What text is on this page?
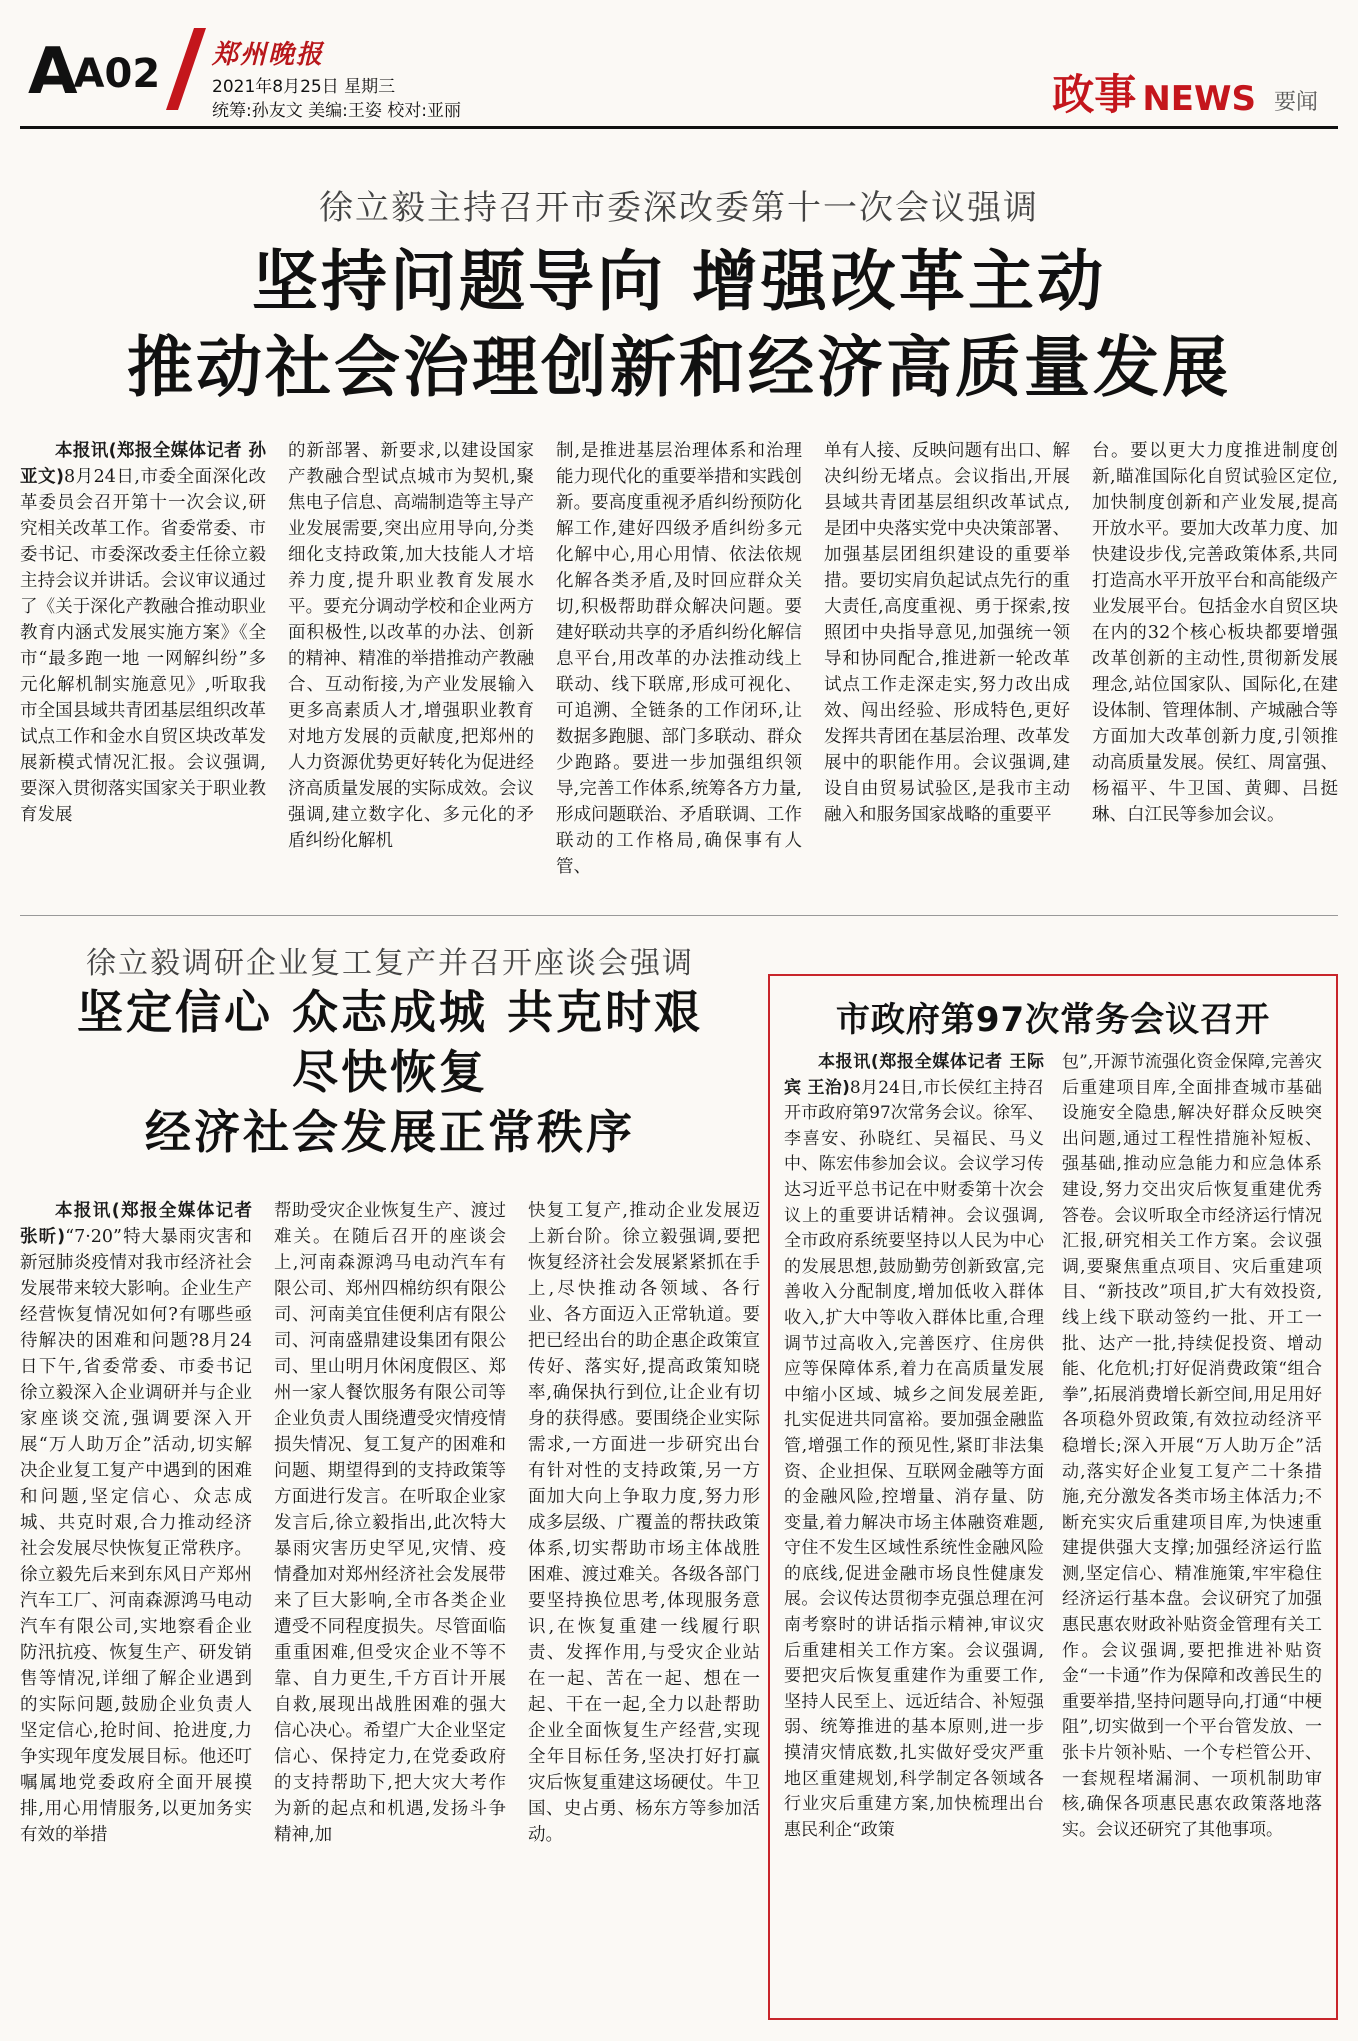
AA02 郑州晚报
2021年8月25日 星期三
统筹:孙友文 美编:王姿 校对:亚丽	政事 NEWS 要闻
徐立毅主持召开市委深改委第十一次会议强调
坚持问题导向 增强改革主动
推动社会治理创新和经济高质量发展

本报讯(郑报全媒体记者 孙亚文)8月24日,市委全面深化改革委员会召开第十一次会议,研究相关改革工作。省委常委、市委书记、市委深改委主任徐立毅主持会议并讲话。会议审议通过了《关于深化产教融合推动职业教育内涵式发展实施方案》《全市“最多跑一地 一网解纠纷”多元化解机制实施意见》,听取我市全国县域共青团基层组织改革试点工作和金水自贸区块改革发展新模式情况汇报。会议强调,要深入贯彻落实国家关于职业教育发展

的新部署、新要求,以建设国家产教融合型试点城市为契机,聚焦电子信息、高端制造等主导产业发展需要,突出应用导向,分类细化支持政策,加大技能人才培养力度,提升职业教育发展水平。要充分调动学校和企业两方面积极性,以改革的办法、创新的精神、精准的举措推动产教融合、互动衔接,为产业发展输入更多高素质人才,增强职业教育对地方发展的贡献度,把郑州的人力资源优势更好转化为促进经济高质量发展的实际成效。会议强调,建立数字化、多元化的矛盾纠纷化解机

制,是推进基层治理体系和治理能力现代化的重要举措和实践创新。要高度重视矛盾纠纷预防化解工作,建好四级矛盾纠纷多元化解中心,用心用情、依法依规化解各类矛盾,及时回应群众关切,积极帮助群众解决问题。要建好联动共享的矛盾纠纷化解信息平台,用改革的办法推动线上联动、线下联席,形成可视化、可追溯、全链条的工作闭环,让数据多跑腿、部门多联动、群众少跑路。要进一步加强组织领导,完善工作体系,统筹各方力量,形成问题联治、矛盾联调、工作联动的工作格局,确保事有人管、

单有人接、反映问题有出口、解决纠纷无堵点。会议指出,开展县域共青团基层组织改革试点,是团中央落实党中央决策部署、加强基层团组织建设的重要举措。要切实肩负起试点先行的重大责任,高度重视、勇于探索,按照团中央指导意见,加强统一领导和协同配合,推进新一轮改革试点工作走深走实,努力改出成效、闯出经验、形成特色,更好发挥共青团在基层治理、改革发展中的职能作用。会议强调,建设自由贸易试验区,是我市主动融入和服务国家战略的重要平

台。要以更大力度推进制度创新,瞄准国际化自贸试验区定位,加快制度创新和产业发展,提高开放水平。要加大改革力度、加快建设步伐,完善政策体系,共同打造高水平开放平台和高能级产业发展平台。包括金水自贸区块在内的32个核心板块都要增强改革创新的主动性,贯彻新发展理念,站位国家队、国际化,在建设体制、管理体制、产城融合等方面加大改革创新力度,引领推动高质量发展。侯红、周富强、杨福平、牛卫国、黄卿、吕挺琳、白江民等参加会议。

徐立毅调研企业复工复产并召开座谈会强调
坚定信心 众志成城 共克时艰
尽快恢复
经济社会发展正常秩序

本报讯(郑报全媒体记者 张昕)“7·20”特大暴雨灾害和新冠肺炎疫情对我市经济社会发展带来较大影响。企业生产经营恢复情况如何?有哪些亟待解决的困难和问题?8月24日下午,省委常委、市委书记徐立毅深入企业调研并与企业家座谈交流,强调要深入开展“万人助万企”活动,切实解决企业复工复产中遇到的困难和问题,坚定信心、众志成城、共克时艰,合力推动经济社会发展尽快恢复正常秩序。徐立毅先后来到东风日产郑州汽车工厂、河南森源鸿马电动汽车有限公司,实地察看企业防汛抗疫、恢复生产、研发销售等情况,详细了解企业遇到的实际问题,鼓励企业负责人坚定信心,抢时间、抢进度,力争实现年度发展目标。他还叮嘱属地党委政府全面开展摸排,用心用情服务,以更加务实有效的举措

帮助受灾企业恢复生产、渡过难关。在随后召开的座谈会上,河南森源鸿马电动汽车有限公司、郑州四棉纺织有限公司、河南美宜佳便利店有限公司、河南盛鼎建设集团有限公司、里山明月休闲度假区、郑州一家人餐饮服务有限公司等企业负责人围绕遭受灾情疫情损失情况、复工复产的困难和问题、期望得到的支持政策等方面进行发言。在听取企业家发言后,徐立毅指出,此次特大暴雨灾害历史罕见,灾情、疫情叠加对郑州经济社会发展带来了巨大影响,全市各类企业遭受不同程度损失。尽管面临重重困难,但受灾企业不等不靠、自力更生,千方百计开展自救,展现出战胜困难的强大信心决心。希望广大企业坚定信心、保持定力,在党委政府的支持帮助下,把大灾大考作为新的起点和机遇,发扬斗争精神,加

快复工复产,推动企业发展迈上新台阶。徐立毅强调,要把恢复经济社会发展紧紧抓在手上,尽快推动各领域、各行业、各方面迈入正常轨道。要把已经出台的助企惠企政策宣传好、落实好,提高政策知晓率,确保执行到位,让企业有切身的获得感。要围绕企业实际需求,一方面进一步研究出台有针对性的支持政策,另一方面加大向上争取力度,努力形成多层级、广覆盖的帮扶政策体系,切实帮助市场主体战胜困难、渡过难关。各级各部门要坚持换位思考,体现服务意识,在恢复重建一线履行职责、发挥作用,与受灾企业站在一起、苦在一起、想在一起、干在一起,全力以赴帮助企业全面恢复生产经营,实现全年目标任务,坚决打好打赢灾后恢复重建这场硬仗。牛卫国、史占勇、杨东方等参加活动。

市政府第97次常务会议召开

本报讯(郑报全媒体记者 王际宾 王治)8月24日,市长侯红主持召开市政府第97次常务会议。徐军、李喜安、孙晓红、吴福民、马义中、陈宏伟参加会议。会议学习传达习近平总书记在中财委第十次会议上的重要讲话精神。会议强调,全市政府系统要坚持以人民为中心的发展思想,鼓励勤劳创新致富,完善收入分配制度,增加低收入群体收入,扩大中等收入群体比重,合理调节过高收入,完善医疗、住房供应等保障体系,着力在高质量发展中缩小区域、城乡之间发展差距,扎实促进共同富裕。要加强金融监管,增强工作的预见性,紧盯非法集资、企业担保、互联网金融等方面的金融风险,控增量、消存量、防变量,着力解决市场主体融资难题,守住不发生区域性系统性金融风险的底线,促进金融市场良性健康发展。会议传达贯彻李克强总理在河南考察时的讲话指示精神,审议灾后重建相关工作方案。会议强调,要把灾后恢复重建作为重要工作,坚持人民至上、远近结合、补短强弱、统筹推进的基本原则,进一步摸清灾情底数,扎实做好受灾严重地区重建规划,科学制定各领域各行业灾后重建方案,加快梳理出台惠民利企“政策

包”,开源节流强化资金保障,完善灾后重建项目库,全面排查城市基础设施安全隐患,解决好群众反映突出问题,通过工程性措施补短板、强基础,推动应急能力和应急体系建设,努力交出灾后恢复重建优秀答卷。会议听取全市经济运行情况汇报,研究相关工作方案。会议强调,要聚焦重点项目、灾后重建项目、“新技改”项目,扩大有效投资,线上线下联动签约一批、开工一批、达产一批,持续促投资、增动能、化危机;打好促消费政策“组合拳”,拓展消费增长新空间,用足用好各项稳外贸政策,有效拉动经济平稳增长;深入开展“万人助万企”活动,落实好企业复工复产二十条措施,充分激发各类市场主体活力;不断充实灾后重建项目库,为快速重建提供强大支撑;加强经济运行监测,坚定信心、精准施策,牢牢稳住经济运行基本盘。会议研究了加强惠民惠农财政补贴资金管理有关工作。会议强调,要把推进补贴资金“一卡通”作为保障和改善民生的重要举措,坚持问题导向,打通“中梗阻”,切实做到一个平台管发放、一张卡片领补贴、一个专栏管公开、一套规程堵漏洞、一项机制助审核,确保各项惠民惠农政策落地落实。会议还研究了其他事项。
